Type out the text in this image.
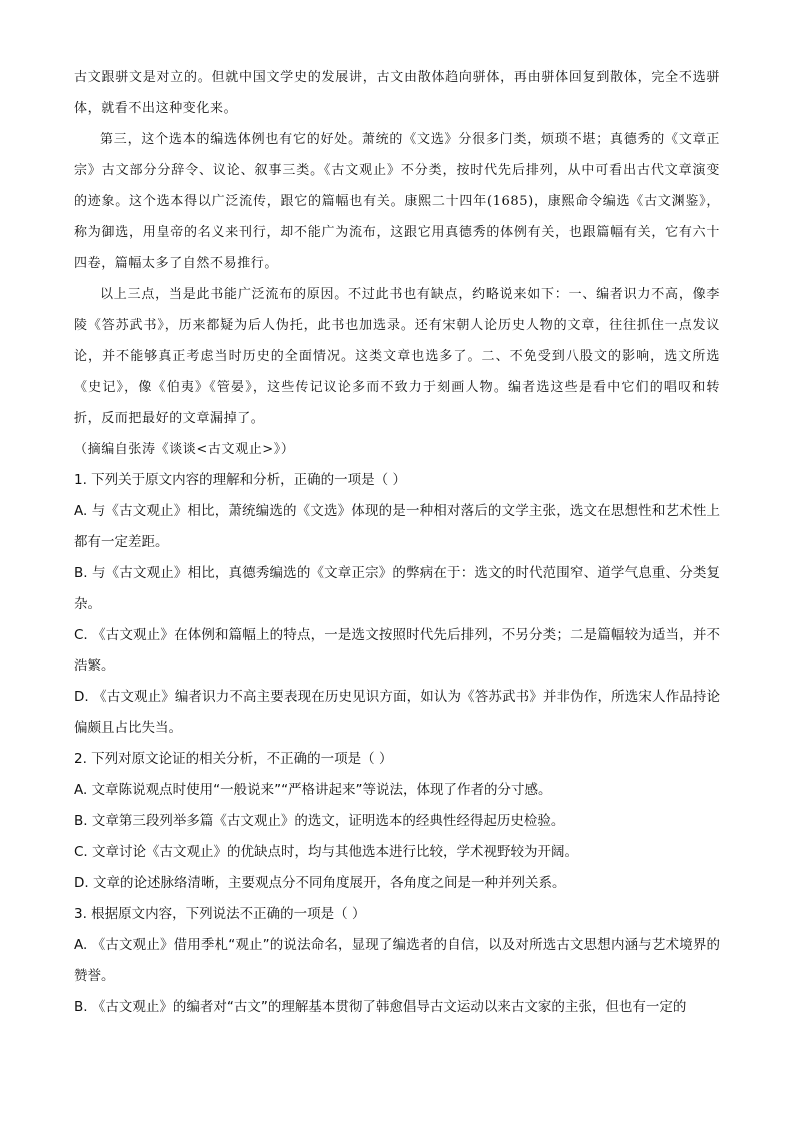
古文跟骈文是对立的。但就中国文学史的发展讲，古文由散体趋向骈体，再由骈体回复到散体，完全不选骈体，就看不出这种变化来。

第三，这个选本的编选体例也有它的好处。萧统的《文选》分很多门类，烦琐不堪；真德秀的《文章正宗》古文部分分辞令、议论、叙事三类。《古文观止》不分类，按时代先后排列，从中可看出古代文章演变的迹象。这个选本得以广泛流传，跟它的篇幅也有关。康熙二十四年(1685)，康熙命令编选《古文渊鉴》，称为御选，用皇帝的名义来刊行，却不能广为流布，这跟它用真德秀的体例有关，也跟篇幅有关，它有六十四卷，篇幅太多了自然不易推行。

以上三点，当是此书能广泛流布的原因。不过此书也有缺点，约略说来如下：一、编者识力不高，像李陵《答苏武书》，历来都疑为后人伪托，此书也加选录。还有宋朝人论历史人物的文章，往往抓住一点发议论，并不能够真正考虑当时历史的全面情况。这类文章也选多了。二、不免受到八股文的影响，选文所选《史记》，像《伯夷》《管晏》，这些传记议论多而不致力于刻画人物。编者选这些是看中它们的唱叹和转折，反而把最好的文章漏掉了。

（摘编自张涛《谈谈<古文观止>》）

1. 下列关于原文内容的理解和分析，正确的一项是（ ）

A. 与《古文观止》相比，萧统编选的《文选》体现的是一种相对落后的文学主张，选文在思想性和艺术性上都有一定差距。

B. 与《古文观止》相比，真德秀编选的《文章正宗》的弊病在于：选文的时代范围窄、道学气息重、分类复杂。

C. 《古文观止》在体例和篇幅上的特点，一是选文按照时代先后排列，不另分类；二是篇幅较为适当，并不浩繁。

D. 《古文观止》编者识力不高主要表现在历史见识方面，如认为《答苏武书》并非伪作，所选宋人作品持论偏颇且占比失当。

2. 下列对原文论证的相关分析，不正确的一项是（ ）

A. 文章陈说观点时使用“一般说来”“严格讲起来”等说法，体现了作者的分寸感。

B. 文章第三段列举多篇《古文观止》的选文，证明选本的经典性经得起历史检验。

C. 文章讨论《古文观止》的优缺点时，均与其他选本进行比较，学术视野较为开阔。

D. 文章的论述脉络清晰，主要观点分不同角度展开，各角度之间是一种并列关系。

3. 根据原文内容，下列说法不正确的一项是（ ）

A. 《古文观止》借用季札“观止”的说法命名，显现了编选者的自信，以及对所选古文思想内涵与艺术境界的赞誉。

B. 《古文观止》的编者对“古文”的理解基本贯彻了韩愈倡导古文运动以来古文家的主张，但也有一定的
